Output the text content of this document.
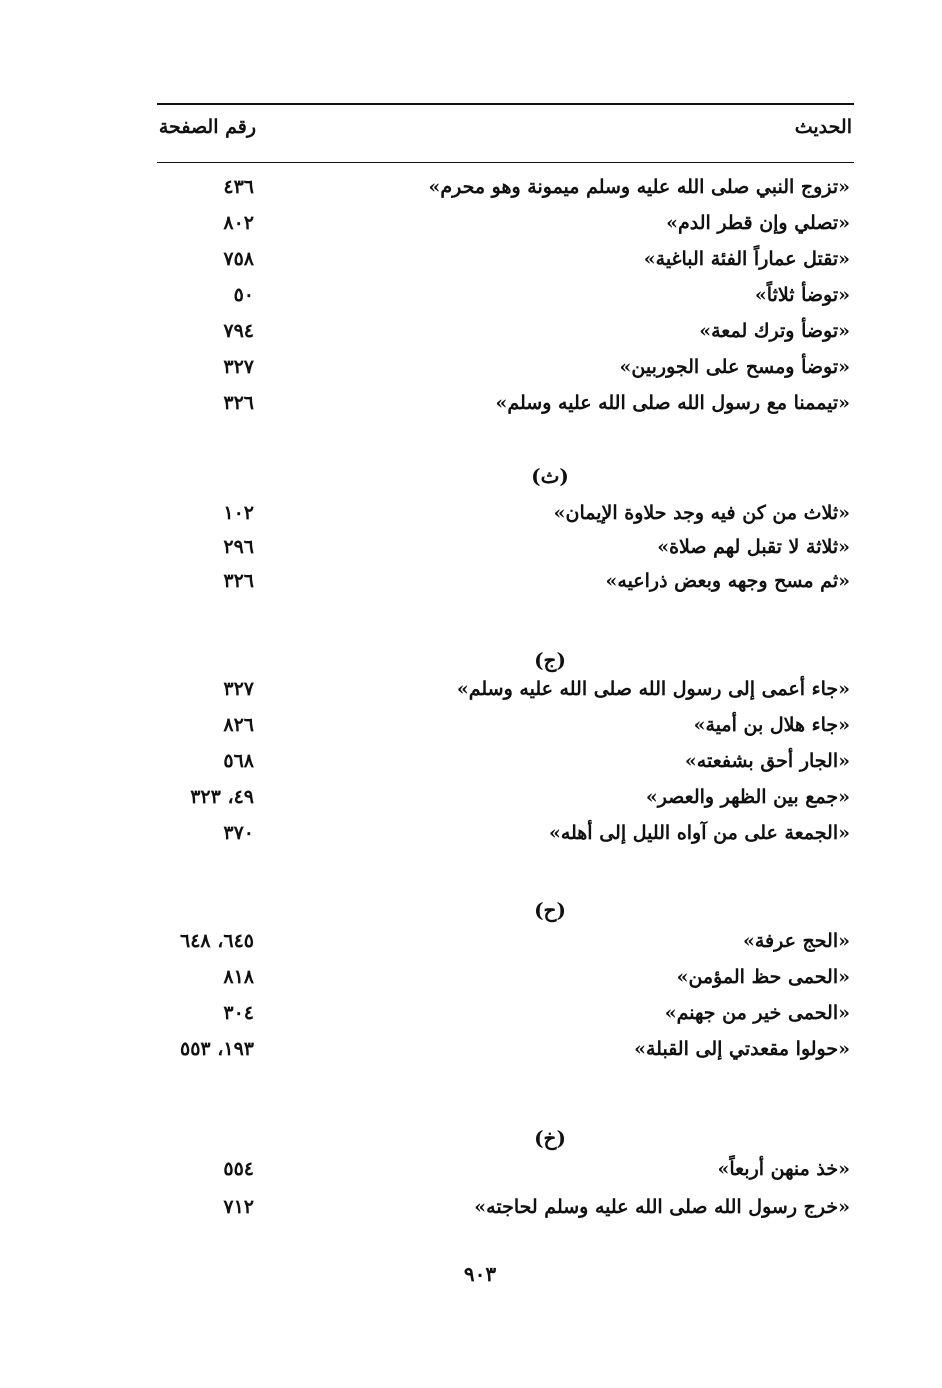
الحديث
رقم الصفحة
«تزوج النبي صلى الله عليه وسلم ميمونة وهو محرم»
٤٣٦
«تصلي وإن قطر الدم»
٨٠٢
«تقتل عماراً الفئة الباغية»
٧٥٨
«توضأ ثلاثاً»
٥٠
«توضأ وترك لمعة»
٧٩٤
«توضأ ومسح على الجوربين»
٣٢٧
«تيممنا مع رسول الله صلى الله عليه وسلم»
٣٢٦
(ث)
«ثلاث من كن فيه وجد حلاوة الإيمان»
١٠٢
«ثلاثة لا تقبل لهم صلاة»
٢٩٦
«ثم مسح وجهه وبعض ذراعيه»
٣٢٦
(ج)
«جاء أعمى إلى رسول الله صلى الله عليه وسلم»
٣٢٧
«جاء هلال بن أمية»
٨٢٦
«الجار أحق بشفعته»
٥٦٨
«جمع بين الظهر والعصر»
٤٩، ٣٢٣
«الجمعة على من آواه الليل إلى أهله»
٣٧٠
(ح)
«الحج عرفة»
٦٤٥، ٦٤٨
«الحمى حظ المؤمن»
٨١٨
«الحمى خير من جهنم»
٣٠٤
«حولوا مقعدتي إلى القبلة»
١٩٣، ٥٥٣
(خ)
«خذ منهن أربعاً»
٥٥٤
«خرج رسول الله صلى الله عليه وسلم لحاجته»
٧١٢
٩٠٣
